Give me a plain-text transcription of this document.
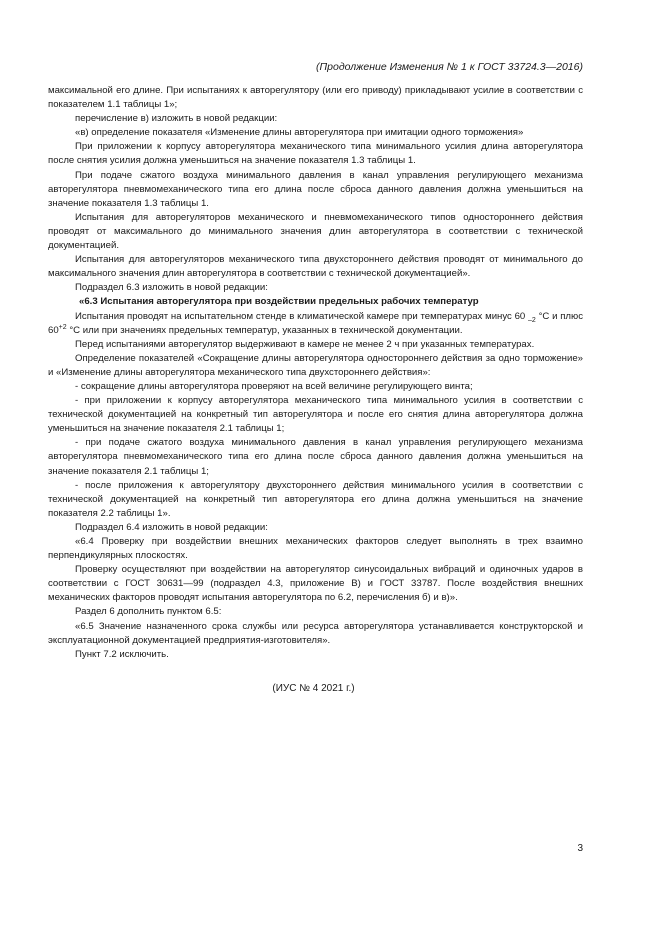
(Продолжение Изменения № 1 к ГОСТ 33724.3—2016)

максимальной его длине. При испытаниях к авторегулятору (или его приводу) прикладывают усилие в соответствии с показателем 1.1 таблицы 1»;

перечисление в) изложить в новой редакции:

«в) определение показателя «Изменение длины авторегулятора при имитации одного торможения»

При приложении к корпусу авторегулятора механического типа минимального усилия длина авторегулятора после снятия усилия должна уменьшиться на значение показателя 1.3 таблицы 1.

При подаче сжатого воздуха минимального давления в канал управления регулирующего механизма авторегулятора пневмомеханического типа его длина после сброса данного давления должна уменьшиться на значение показателя 1.3 таблицы 1.

Испытания для авторегуляторов механического и пневмомеханического типов одностороннего действия проводят от максимального до минимального значения длин авторегулятора в соответствии с технической документацией.

Испытания для авторегуляторов механического типа двухстороннего действия проводят от минимального до максимального значения длин авторегулятора в соответствии с технической документацией».

Подраздел 6.3 изложить в новой редакции:

«6.3 Испытания авторегулятора при воздействии предельных рабочих температур

Испытания проводят на испытательном стенде в климатической камере при температурах минус 60 $_{-2}$ °С и плюс $60^{+2}$ °С или при значениях предельных температур, указанных в технической документации.

Перед испытаниями авторегулятор выдерживают в камере не менее 2 ч при указанных температурах.

Определение показателей «Сокращение длины авторегулятора одностороннего действия за одно торможение» и «Изменение длины авторегулятора механического типа двухстороннего действия»:

- сокращение длины авторегулятора проверяют на всей величине регулирующего винта;

- при приложении к корпусу авторегулятора механического типа минимального усилия в соответствии с технической документацией на конкретный тип авторегулятора и после его снятия длина авторегулятора должна уменьшиться на значение показателя 2.1 таблицы 1;

- при подаче сжатого воздуха минимального давления в канал управления регулирующего механизма авторегулятора пневмомеханического типа его длина после сброса данного давления должна уменьшиться на значение показателя 2.1 таблицы 1;

- после приложения к авторегулятору двухстороннего действия минимального усилия в соответствии с технической документацией на конкретный тип авторегулятора его длина должна уменьшиться на значение показателя 2.2 таблицы 1».

Подраздел 6.4 изложить в новой редакции:

«6.4 Проверку при воздействии внешних механических факторов следует выполнять в трех взаимно перпендикулярных плоскостях.

Проверку осуществляют при воздействии на авторегулятор синусоидальных вибраций и одиночных ударов в соответствии с ГОСТ 30631—99 (подраздел 4.3, приложение В) и ГОСТ 33787. После воздействия внешних механических факторов проводят испытания авторегулятора по 6.2, перечисления б) и в)».

Раздел 6 дополнить пунктом 6.5:

«6.5 Значение назначенного срока службы или ресурса авторегулятора устанавливается конструкторской и эксплуатационной документацией предприятия-изготовителя».

Пункт 7.2 исключить.

(ИУС № 4 2021 г.)
3
